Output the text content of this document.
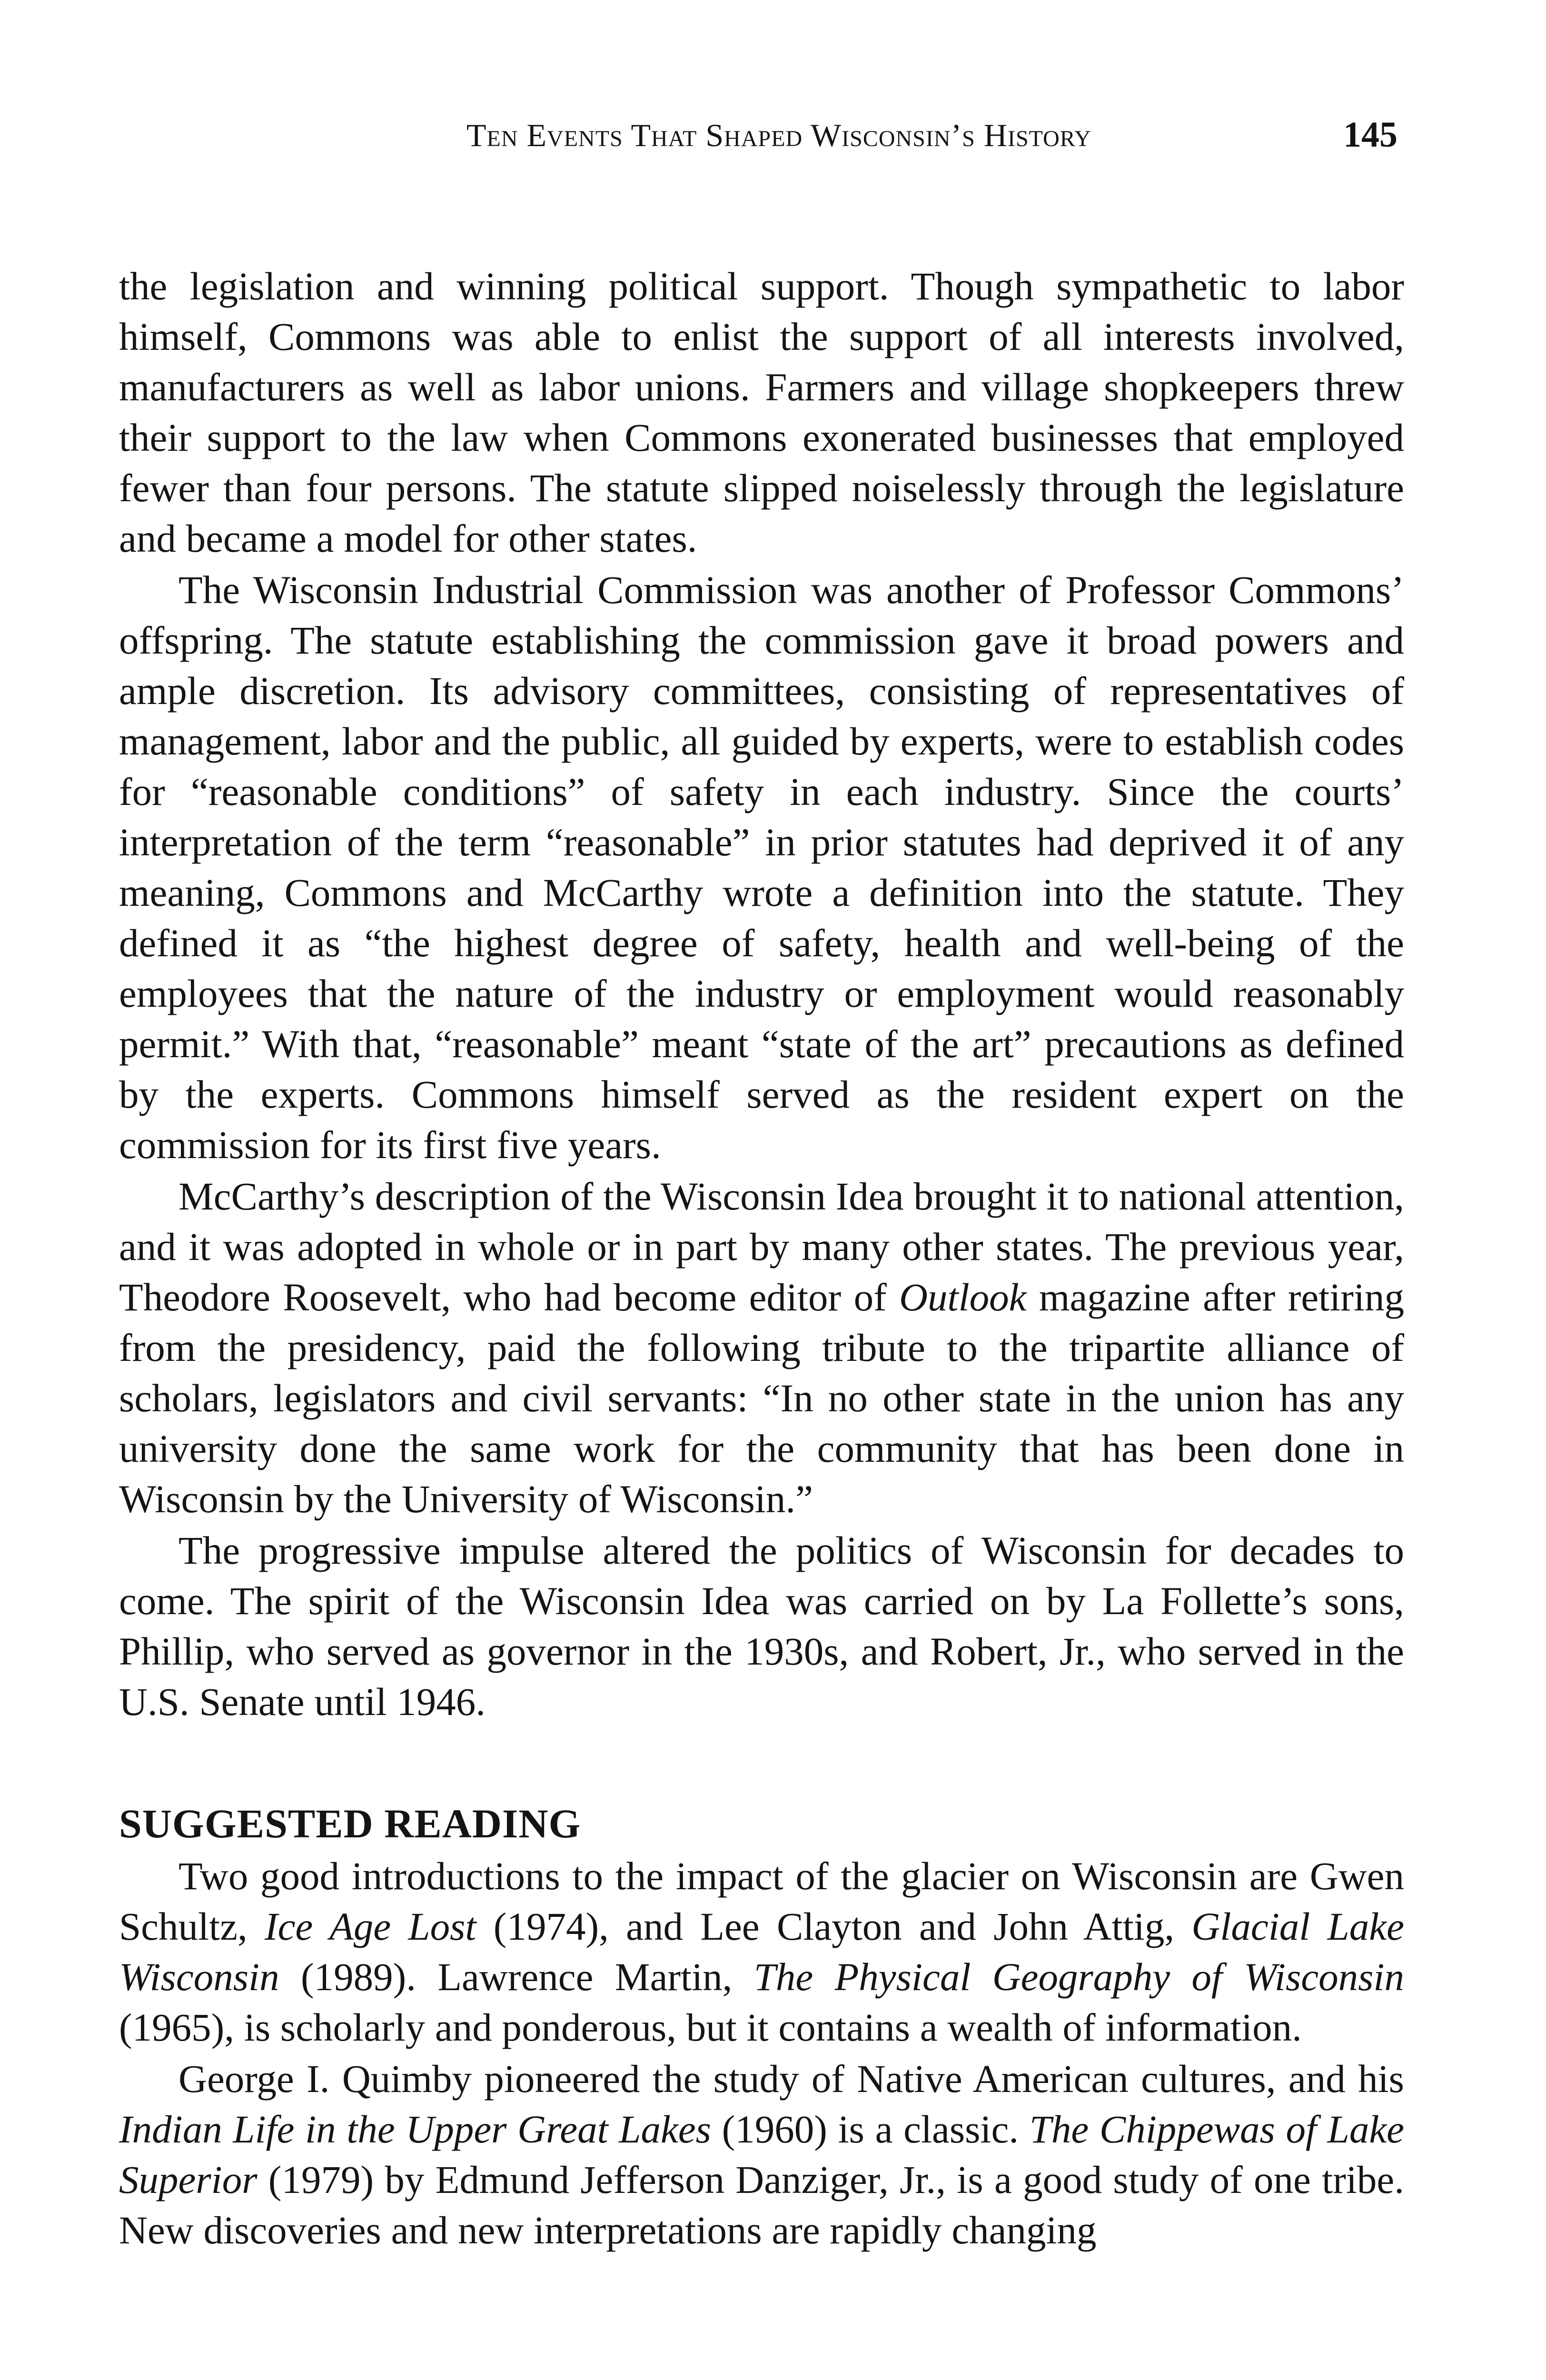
Ten Events That Shaped Wisconsin’s History	145

the legislation and winning political support. Though sympathetic to labor himself, Commons was able to enlist the support of all interests involved, manufacturers as well as labor unions. Farmers and village shopkeepers threw their support to the law when Commons exonerated businesses that employed fewer than four persons. The statute slipped noiselessly through the legislature and became a model for other states.

The Wisconsin Industrial Commission was another of Professor Commons’ offspring. The statute establishing the commission gave it broad powers and ample discretion. Its advisory committees, consisting of representatives of management, labor and the public, all guided by experts, were to establish codes for “reasonable conditions” of safety in each industry. Since the courts’ interpretation of the term “reasonable” in prior statutes had deprived it of any meaning, Commons and McCarthy wrote a definition into the statute. They defined it as “the highest degree of safety, health and well-being of the employees that the nature of the industry or employment would reasonably permit.” With that, “reasonable” meant “state of the art” precautions as defined by the experts. Commons himself served as the resident expert on the commission for its first five years.

McCarthy’s description of the Wisconsin Idea brought it to national attention, and it was adopted in whole or in part by many other states. The previous year, Theodore Roosevelt, who had become editor of Outlook magazine after retiring from the presidency, paid the following tribute to the tripartite alliance of scholars, legislators and civil servants: “In no other state in the union has any university done the same work for the community that has been done in Wisconsin by the University of Wisconsin.”

The progressive impulse altered the politics of Wisconsin for decades to come. The spirit of the Wisconsin Idea was carried on by La Follette’s sons, Phillip, who served as governor in the 1930s, and Robert, Jr., who served in the U.S. Senate until 1946.

SUGGESTED READING

Two good introductions to the impact of the glacier on Wisconsin are Gwen Schultz, Ice Age Lost (1974), and Lee Clayton and John Attig, Glacial Lake Wisconsin (1989). Lawrence Martin, The Physical Geography of Wisconsin (1965), is scholarly and ponderous, but it contains a wealth of information.

George I. Quimby pioneered the study of Native American cultures, and his Indian Life in the Upper Great Lakes (1960) is a classic. The Chippewas of Lake Superior (1979) by Edmund Jefferson Danziger, Jr., is a good study of one tribe. New discoveries and new interpretations are rapidly changing
